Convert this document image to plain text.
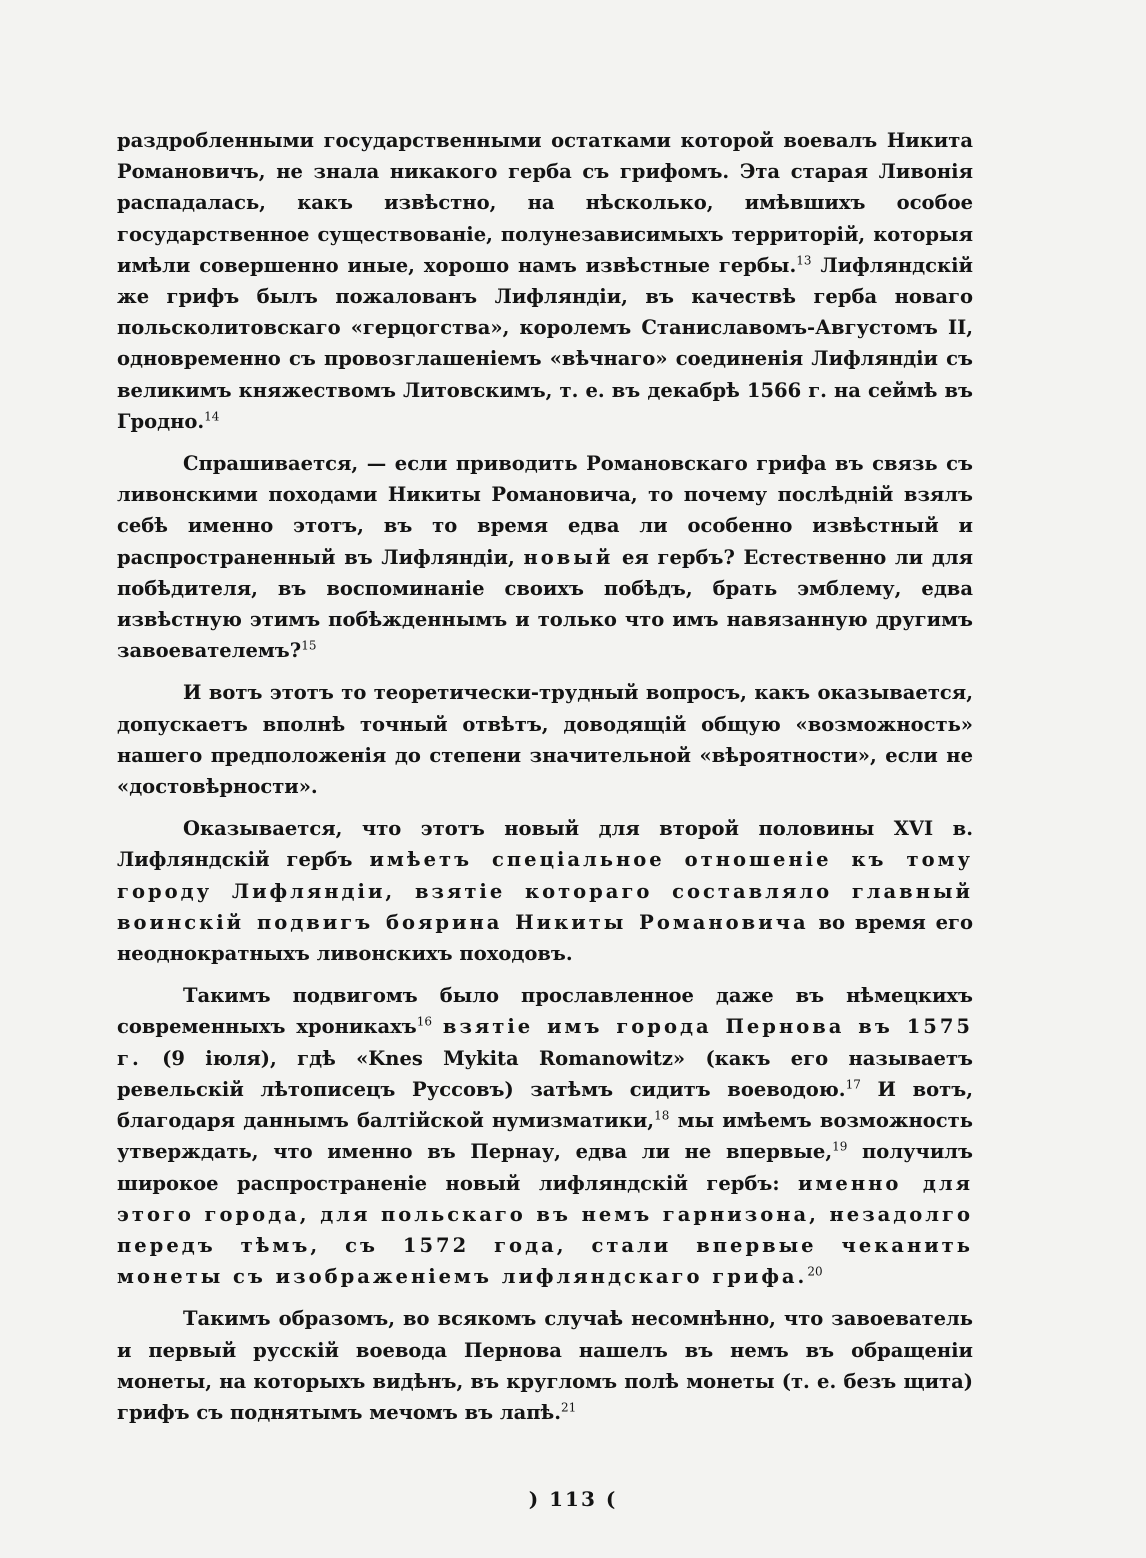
раздробленными государственными остатками которой воевалъ Никита Романовичъ, не знала никакого герба съ грифомъ. Эта старая Ливонія распадалась, какъ извѣстно, на нѣсколько, имѣвшихъ особое государственное существованіе, полунезависимыхъ территорій, которыя имѣли совершенно иные, хорошо намъ извѣстные гербы.$^{13}$ Лифляндскій же грифъ былъ пожалованъ Лифляндіи, въ качествѣ герба новаго польсколитовскаго «герцогства», королемъ Станиславомъ-Августомъ II, одновременно съ провозглашеніемъ «вѣчнаго» соединенія Лифляндіи съ великимъ княжествомъ Литовскимъ, т. е. въ декабрѣ 1566 г. на сеймѣ въ Гродно.$^{14}$

Спрашивается, — если приводить Романовскаго грифа въ связь съ ливонскими походами Никиты Романовича, то почему послѣдній взялъ себѣ именно этотъ, въ то время едва ли особенно извѣстный и распространенный въ Лифляндіи, новый ея гербъ? Естественно ли для побѣдителя, въ воспоминаніе своихъ побѣдъ, брать эмблему, едва извѣстную этимъ побѣжденнымъ и только что имъ навязанную другимъ завоевателемъ?$^{15}$

И вотъ этотъ то теоретически-трудный вопросъ, какъ оказывается, допускаетъ вполнѣ точный отвѣтъ, доводящій общую «возможность» нашего предположенія до степени значительной «вѣроятности», если не «достовѣрности».

Оказывается, что этотъ новый для второй половины XVI в. Лифляндскій гербъ имѣетъ спеціальное отношеніе къ тому городу Лифляндіи, взятіе котораго составляло главный воинскій подвигъ боярина Никиты Романовича во время его неоднократныхъ ливонскихъ походовъ.

Такимъ подвигомъ было прославленное даже въ нѣмецкихъ современныхъ хроникахъ$^{16}$ взятіе имъ города Пернова въ 1575 г. (9 іюля), гдѣ «Knes Mykita Romanowitz» (какъ его называетъ ревельскій лѣтописецъ Руссовъ) затѣмъ сидитъ воеводою.$^{17}$ И вотъ, благодаря даннымъ балтійской нумизматики,$^{18}$ мы имѣемъ возможность утверждать, что именно въ Пернау, едва ли не впервые,$^{19}$ получилъ широкое распространеніе новый лифляндскій гербъ: именно для этого города, для польскаго въ немъ гарнизона, незадолго передъ тѣмъ, съ 1572 года, стали впервые чеканить монеты съ изображеніемъ лифляндскаго грифа.$^{20}$

Такимъ образомъ, во всякомъ случаѣ несомнѣнно, что завоеватель и первый русскій воевода Пернова нашелъ въ немъ въ обращеніи монеты, на которыхъ видѣнъ, въ кругломъ полѣ монеты (т. е. безъ щита) грифъ съ поднятымъ мечомъ въ лапѣ.$^{21}$

) 113 (
